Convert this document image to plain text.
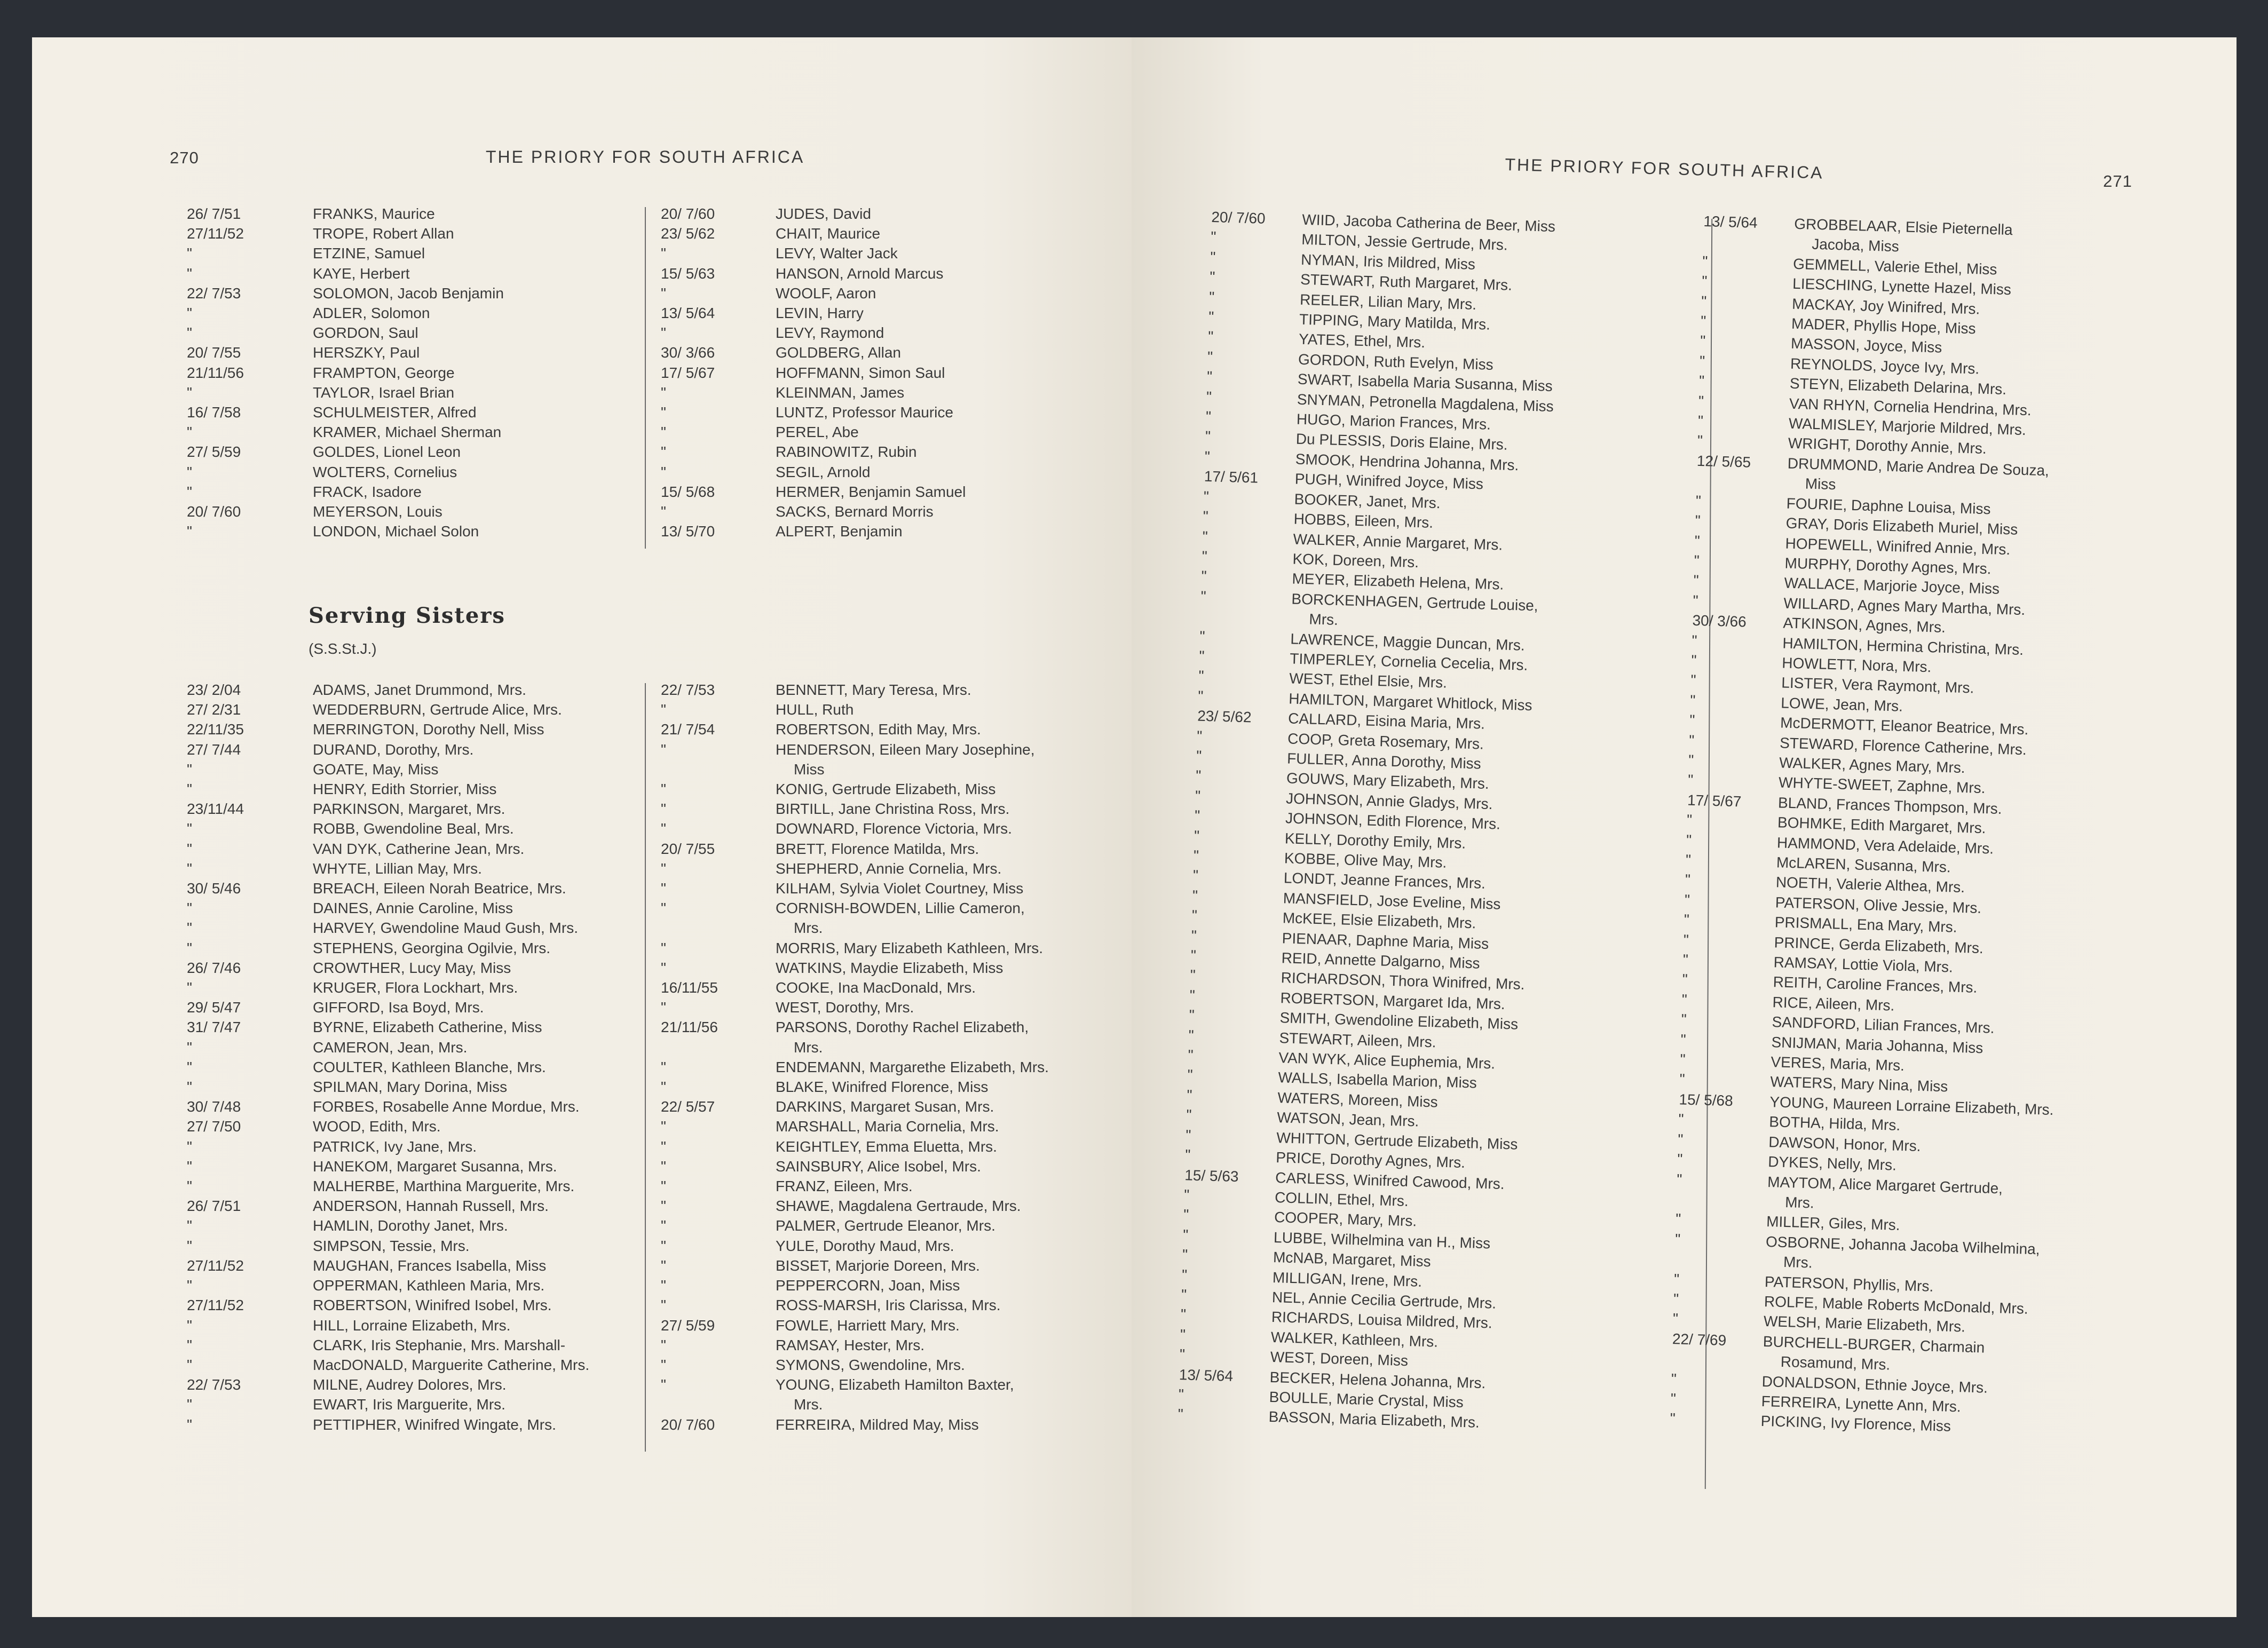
270	THE PRIORY FOR SOUTH AFRICA
26/ 7/51	FRANKS, Maurice
27/11/52	TROPE, Robert Allan
"	ETZINE, Samuel
"	KAYE, Herbert
22/ 7/53	SOLOMON, Jacob Benjamin
"	ADLER, Solomon
"	GORDON, Saul
20/ 7/55	HERSZKY, Paul
21/11/56	FRAMPTON, George
"	TAYLOR, Israel Brian
16/ 7/58	SCHULMEISTER, Alfred
"	KRAMER, Michael Sherman
27/ 5/59	GOLDES, Lionel Leon
"	WOLTERS, Cornelius
"	FRACK, Isadore
20/ 7/60	MEYERSON, Louis
"	LONDON, Michael Solon
20/ 7/60	JUDES, David
23/ 5/62	CHAIT, Maurice
"	LEVY, Walter Jack
15/ 5/63	HANSON, Arnold Marcus
"	WOOLF, Aaron
13/ 5/64	LEVIN, Harry
"	LEVY, Raymond
30/ 3/66	GOLDBERG, Allan
17/ 5/67	HOFFMANN, Simon Saul
"	KLEINMAN, James
"	LUNTZ, Professor Maurice
"	PEREL, Abe
"	RABINOWITZ, Rubin
"	SEGIL, Arnold
15/ 5/68	HERMER, Benjamin Samuel
"	SACKS, Bernard Morris
13/ 5/70	ALPERT, Benjamin
Serving Sisters
(S.S.St.J.)
23/ 2/04	ADAMS, Janet Drummond, Mrs.
27/ 2/31	WEDDERBURN, Gertrude Alice, Mrs.
22/11/35	MERRINGTON, Dorothy Nell, Miss
27/ 7/44	DURAND, Dorothy, Mrs.
"	GOATE, May, Miss
"	HENRY, Edith Storrier, Miss
23/11/44	PARKINSON, Margaret, Mrs.
"	ROBB, Gwendoline Beal, Mrs.
"	VAN DYK, Catherine Jean, Mrs.
"	WHYTE, Lillian May, Mrs.
30/ 5/46	BREACH, Eileen Norah Beatrice, Mrs.
"	DAINES, Annie Caroline, Miss
"	HARVEY, Gwendoline Maud Gush, Mrs.
"	STEPHENS, Georgina Ogilvie, Mrs.
26/ 7/46	CROWTHER, Lucy May, Miss
"	KRUGER, Flora Lockhart, Mrs.
29/ 5/47	GIFFORD, Isa Boyd, Mrs.
31/ 7/47	BYRNE, Elizabeth Catherine, Miss
"	CAMERON, Jean, Mrs.
"	COULTER, Kathleen Blanche, Mrs.
"	SPILMAN, Mary Dorina, Miss
30/ 7/48	FORBES, Rosabelle Anne Mordue, Mrs.
27/ 7/50	WOOD, Edith, Mrs.
"	PATRICK, Ivy Jane, Mrs.
"	HANEKOM, Margaret Susanna, Mrs.
"	MALHERBE, Marthina Marguerite, Mrs.
26/ 7/51	ANDERSON, Hannah Russell, Mrs.
"	HAMLIN, Dorothy Janet, Mrs.
"	SIMPSON, Tessie, Mrs.
27/11/52	MAUGHAN, Frances Isabella, Miss
"	OPPERMAN, Kathleen Maria, Mrs.
27/11/52	ROBERTSON, Winifred Isobel, Mrs.
"	HILL, Lorraine Elizabeth, Mrs.
"	CLARK, Iris Stephanie, Mrs. Marshall-
"	MacDONALD, Marguerite Catherine, Mrs.
22/ 7/53	MILNE, Audrey Dolores, Mrs.
"	EWART, Iris Marguerite, Mrs.
"	PETTIPHER, Winifred Wingate, Mrs.
22/ 7/53	BENNETT, Mary Teresa, Mrs.
"	HULL, Ruth
21/ 7/54	ROBERTSON, Edith May, Mrs.
"	HENDERSON, Eileen Mary Josephine,
Miss
"	KONIG, Gertrude Elizabeth, Miss
"	BIRTILL, Jane Christina Ross, Mrs.
"	DOWNARD, Florence Victoria, Mrs.
20/ 7/55	BRETT, Florence Matilda, Mrs.
"	SHEPHERD, Annie Cornelia, Mrs.
"	KILHAM, Sylvia Violet Courtney, Miss
"	CORNISH-BOWDEN, Lillie Cameron,
Mrs.
"	MORRIS, Mary Elizabeth Kathleen, Mrs.
"	WATKINS, Maydie Elizabeth, Miss
16/11/55	COOKE, Ina MacDonald, Mrs.
"	WEST, Dorothy, Mrs.
21/11/56	PARSONS, Dorothy Rachel Elizabeth,
Mrs.
"	ENDEMANN, Margarethe Elizabeth, Mrs.
"	BLAKE, Winifred Florence, Miss
22/ 5/57	DARKINS, Margaret Susan, Mrs.
"	MARSHALL, Maria Cornelia, Mrs.
"	KEIGHTLEY, Emma Eluetta, Mrs.
"	SAINSBURY, Alice Isobel, Mrs.
"	FRANZ, Eileen, Mrs.
"	SHAWE, Magdalena Gertraude, Mrs.
"	PALMER, Gertrude Eleanor, Mrs.
"	YULE, Dorothy Maud, Mrs.
"	BISSET, Marjorie Doreen, Mrs.
"	PEPPERCORN, Joan, Miss
"	ROSS-MARSH, Iris Clarissa, Mrs.
27/ 5/59	FOWLE, Harriett Mary, Mrs.
"	RAMSAY, Hester, Mrs.
"	SYMONS, Gwendoline, Mrs.
"	YOUNG, Elizabeth Hamilton Baxter,
Mrs.
20/ 7/60	FERREIRA, Mildred May, Miss
THE PRIORY FOR SOUTH AFRICA	271
20/ 7/60	WIID, Jacoba Catherina de Beer, Miss
"	MILTON, Jessie Gertrude, Mrs.
"	NYMAN, Iris Mildred, Miss
"	STEWART, Ruth Margaret, Mrs.
"	REELER, Lilian Mary, Mrs.
"	TIPPING, Mary Matilda, Mrs.
"	YATES, Ethel, Mrs.
"	GORDON, Ruth Evelyn, Miss
"	SWART, Isabella Maria Susanna, Miss
"	SNYMAN, Petronella Magdalena, Miss
"	HUGO, Marion Frances, Mrs.
"	Du PLESSIS, Doris Elaine, Mrs.
"	SMOOK, Hendrina Johanna, Mrs.
17/ 5/61	PUGH, Winifred Joyce, Miss
"	BOOKER, Janet, Mrs.
"	HOBBS, Eileen, Mrs.
"	WALKER, Annie Margaret, Mrs.
"	KOK, Doreen, Mrs.
"	MEYER, Elizabeth Helena, Mrs.
"	BORCKENHAGEN, Gertrude Louise,
Mrs.
"	LAWRENCE, Maggie Duncan, Mrs.
"	TIMPERLEY, Cornelia Cecelia, Mrs.
"	WEST, Ethel Elsie, Mrs.
"	HAMILTON, Margaret Whitlock, Miss
23/ 5/62	CALLARD, Eisina Maria, Mrs.
"	COOP, Greta Rosemary, Mrs.
"	FULLER, Anna Dorothy, Miss
"	GOUWS, Mary Elizabeth, Mrs.
"	JOHNSON, Annie Gladys, Mrs.
"	JOHNSON, Edith Florence, Mrs.
"	KELLY, Dorothy Emily, Mrs.
"	KOBBE, Olive May, Mrs.
"	LONDT, Jeanne Frances, Mrs.
"	MANSFIELD, Jose Eveline, Miss
"	McKEE, Elsie Elizabeth, Mrs.
"	PIENAAR, Daphne Maria, Miss
"	REID, Annette Dalgarno, Miss
"	RICHARDSON, Thora Winifred, Mrs.
"	ROBERTSON, Margaret Ida, Mrs.
"	SMITH, Gwendoline Elizabeth, Miss
"	STEWART, Aileen, Mrs.
"	VAN WYK, Alice Euphemia, Mrs.
"	WALLS, Isabella Marion, Miss
"	WATERS, Moreen, Miss
"	WATSON, Jean, Mrs.
"	WHITTON, Gertrude Elizabeth, Miss
"	PRICE, Dorothy Agnes, Mrs.
15/ 5/63	CARLESS, Winifred Cawood, Mrs.
"	COLLIN, Ethel, Mrs.
"	COOPER, Mary, Mrs.
"	LUBBE, Wilhelmina van H., Miss
"	McNAB, Margaret, Miss
"	MILLIGAN, Irene, Mrs.
"	NEL, Annie Cecilia Gertrude, Mrs.
"	RICHARDS, Louisa Mildred, Mrs.
"	WALKER, Kathleen, Mrs.
"	WEST, Doreen, Miss
13/ 5/64	BECKER, Helena Johanna, Mrs.
"	BOULLE, Marie Crystal, Miss
"	BASSON, Maria Elizabeth, Mrs.
13/ 5/64	GROBBELAAR, Elsie Pieternella
Jacoba, Miss
"	GEMMELL, Valerie Ethel, Miss
"	LIESCHING, Lynette Hazel, Miss
"	MACKAY, Joy Winifred, Mrs.
"	MADER, Phyllis Hope, Miss
"	MASSON, Joyce, Miss
"	REYNOLDS, Joyce Ivy, Mrs.
"	STEYN, Elizabeth Delarina, Mrs.
"	VAN RHYN, Cornelia Hendrina, Mrs.
"	WALMISLEY, Marjorie Mildred, Mrs.
"	WRIGHT, Dorothy Annie, Mrs.
12/ 5/65	DRUMMOND, Marie Andrea De Souza,
Miss
"	FOURIE, Daphne Louisa, Miss
"	GRAY, Doris Elizabeth Muriel, Miss
"	HOPEWELL, Winifred Annie, Mrs.
"	MURPHY, Dorothy Agnes, Mrs.
"	WALLACE, Marjorie Joyce, Miss
"	WILLARD, Agnes Mary Martha, Mrs.
30/ 3/66	ATKINSON, Agnes, Mrs.
"	HAMILTON, Hermina Christina, Mrs.
"	HOWLETT, Nora, Mrs.
"	LISTER, Vera Raymont, Mrs.
"	LOWE, Jean, Mrs.
"	McDERMOTT, Eleanor Beatrice, Mrs.
"	STEWARD, Florence Catherine, Mrs.
"	WALKER, Agnes Mary, Mrs.
"	WHYTE-SWEET, Zaphne, Mrs.
17/ 5/67	BLAND, Frances Thompson, Mrs.
"	BOHMKE, Edith Margaret, Mrs.
"	HAMMOND, Vera Adelaide, Mrs.
"	McLAREN, Susanna, Mrs.
"	NOETH, Valerie Althea, Mrs.
"	PATERSON, Olive Jessie, Mrs.
"	PRISMALL, Ena Mary, Mrs.
"	PRINCE, Gerda Elizabeth, Mrs.
"	RAMSAY, Lottie Viola, Mrs.
"	REITH, Caroline Frances, Mrs.
"	RICE, Aileen, Mrs.
"	SANDFORD, Lilian Frances, Mrs.
"	SNIJMAN, Maria Johanna, Miss
"	VERES, Maria, Mrs.
"	WATERS, Mary Nina, Miss
15/ 5/68	YOUNG, Maureen Lorraine Elizabeth, Mrs.
"	BOTHA, Hilda, Mrs.
"	DAWSON, Honor, Mrs.
"	DYKES, Nelly, Mrs.
"	MAYTOM, Alice Margaret Gertrude,
Mrs.
"	MILLER, Giles, Mrs.
"	OSBORNE, Johanna Jacoba Wilhelmina,
Mrs.
"	PATERSON, Phyllis, Mrs.
"	ROLFE, Mable Roberts McDonald, Mrs.
"	WELSH, Marie Elizabeth, Mrs.
22/ 7/69	BURCHELL-BURGER, Charmain
Rosamund, Mrs.
"	DONALDSON, Ethnie Joyce, Mrs.
"	FERREIRA, Lynette Ann, Mrs.
"	PICKING, Ivy Florence, Miss
